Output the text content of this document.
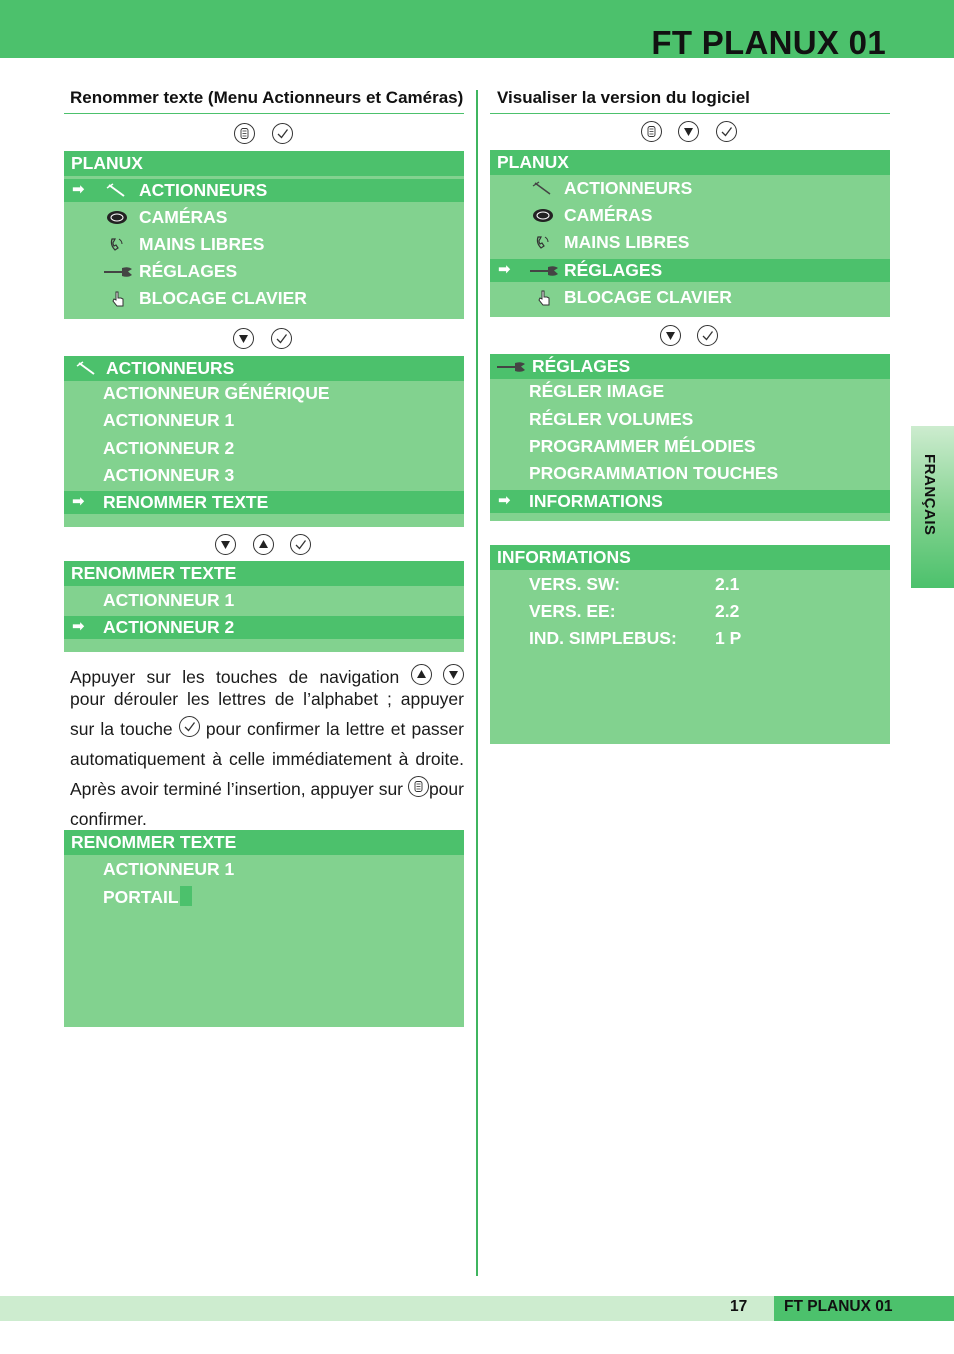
FT PLANUX 01
Renommer texte (Menu Actionneurs et Caméras)
PLANUX
➡	ACTIONNEURS
CAMÉRAS
MAINS LIBRES
RÉGLAGES
BLOCAGE CLAVIER
ACTIONNEURS
ACTIONNEUR GÉNÉRIQUE
ACTIONNEUR 1
ACTIONNEUR 2
ACTIONNEUR 3
➡ RENOMMER TEXTE
RENOMMER TEXTE
ACTIONNEUR 1
➡ ACTIONNEUR 2
Appuyer sur les touches de navigation

pour dérouler les lettres de l’alphabet ; appuyer sur la touche pour confirmer la lettre et passer automatiquement à celle immédiatement à droite. Après avoir terminé l’insertion, appuyer sur pour confirmer.
RENOMMER TEXTE
ACTIONNEUR 1
PORTAIL
Visualiser la version du logiciel
PLANUX
ACTIONNEURS
CAMÉRAS
MAINS LIBRES
➡	RÉGLAGES
BLOCAGE CLAVIER
RÉGLAGES
RÉGLER IMAGE
RÉGLER VOLUMES
PROGRAMMER MÉLODIES
PROGRAMMATION TOUCHES
➡ INFORMATIONS
INFORMATIONS
VERS. SW:	2.1
VERS. EE:	2.2
IND. SIMPLEBUS: 1 P
FRANÇAIS
17 FT PLANUX 01
